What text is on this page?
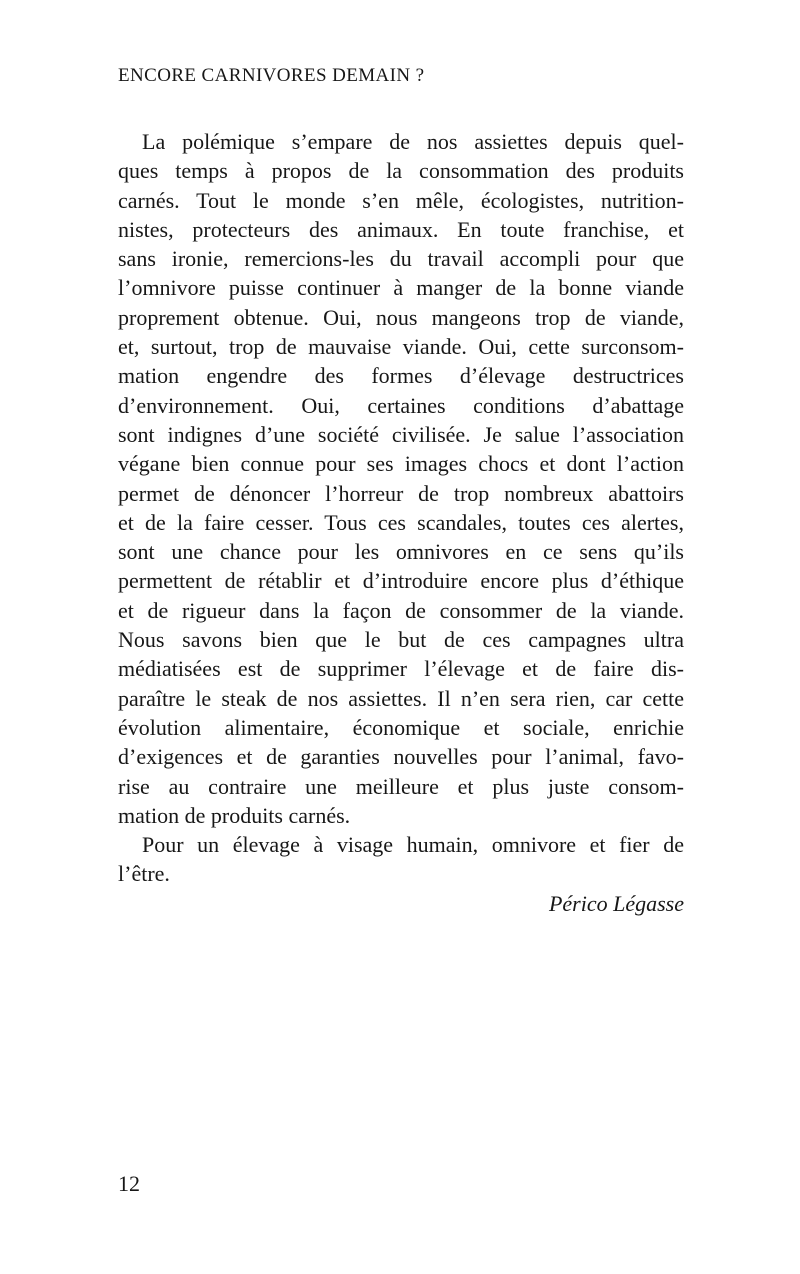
ENCORE CARNIVORES DEMAIN ?
La polémique s’empare de nos assiettes depuis quel-
ques temps à propos de la consommation des produits
carnés. Tout le monde s’en mêle, écologistes, nutrition-
nistes, protecteurs des animaux. En toute franchise, et
sans ironie, remercions-les du travail accompli pour que
l’omnivore puisse continuer à manger de la bonne viande
proprement obtenue. Oui, nous mangeons trop de viande,
et, surtout, trop de mauvaise viande. Oui, cette surconsom-
mation engendre des formes d’élevage destructrices
d’environnement. Oui, certaines conditions d’abattage
sont indignes d’une société civilisée. Je salue l’association
végane bien connue pour ses images chocs et dont l’action
permet de dénoncer l’horreur de trop nombreux abattoirs
et de la faire cesser. Tous ces scandales, toutes ces alertes,
sont une chance pour les omnivores en ce sens qu’ils
permettent de rétablir et d’introduire encore plus d’éthique
et de rigueur dans la façon de consommer de la viande.
Nous savons bien que le but de ces campagnes ultra
médiatisées est de supprimer l’élevage et de faire dis-
paraître le steak de nos assiettes. Il n’en sera rien, car cette
évolution alimentaire, économique et sociale, enrichie
d’exigences et de garanties nouvelles pour l’animal, favo-
rise au contraire une meilleure et plus juste consom-
mation de produits carnés.
Pour un élevage à visage humain, omnivore et fier de
l’être.
Périco Légasse
12
